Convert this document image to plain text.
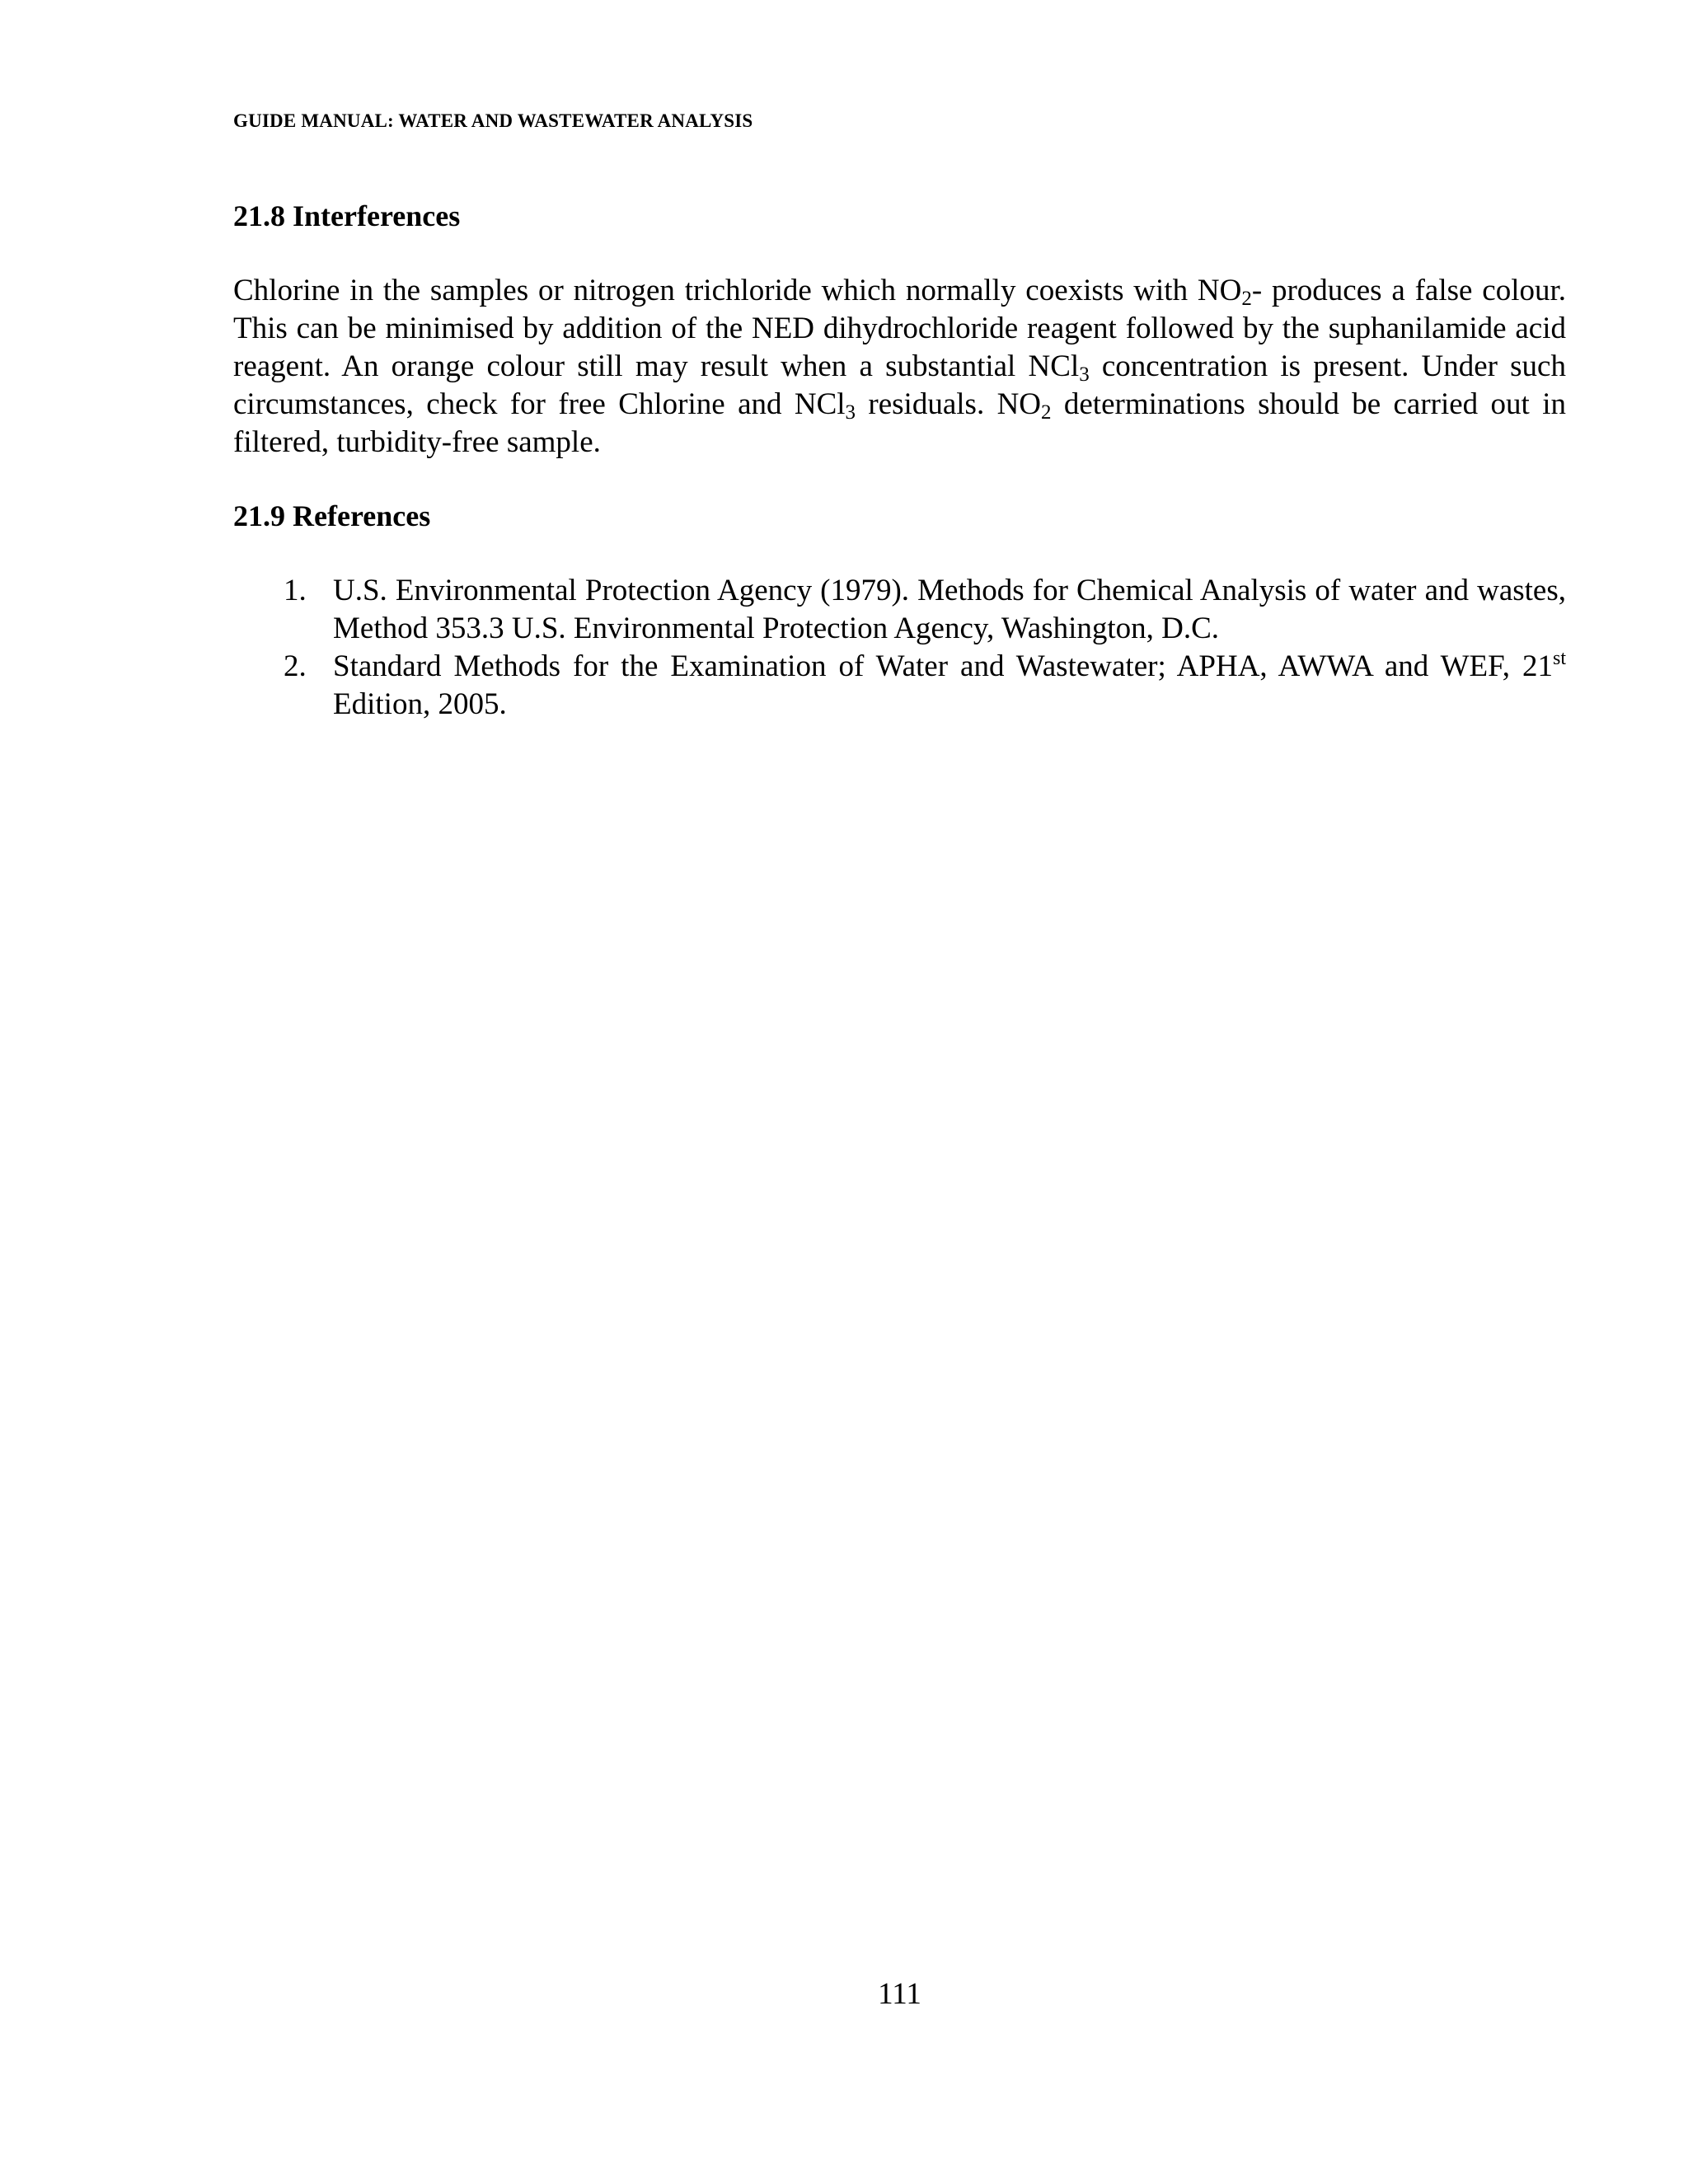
GUIDE MANUAL: WATER AND WASTEWATER ANALYSIS
21.8 Interferences

Chlorine in the samples or nitrogen trichloride which normally coexists with $NO_2-$ produces a false colour. This can be minimised by addition of the NED dihydrochloride reagent followed by the suphanilamide acid reagent. An orange colour still may result when a substantial NCl$_3$ concentration is present. Under such circumstances, check for free Chlorine and NCl$_3$ residuals. $NO_2$ determinations should be carried out in filtered, turbidity-free sample.

21.9 References
1. U.S. Environmental Protection Agency (1979). Methods for Chemical Analysis of water and wastes, Method 353.3 U.S. Environmental Protection Agency, Washington, D.C.
2. Standard Methods for the Examination of Water and Wastewater; APHA, AWWA and WEF, 21st Edition, 2005.
111
